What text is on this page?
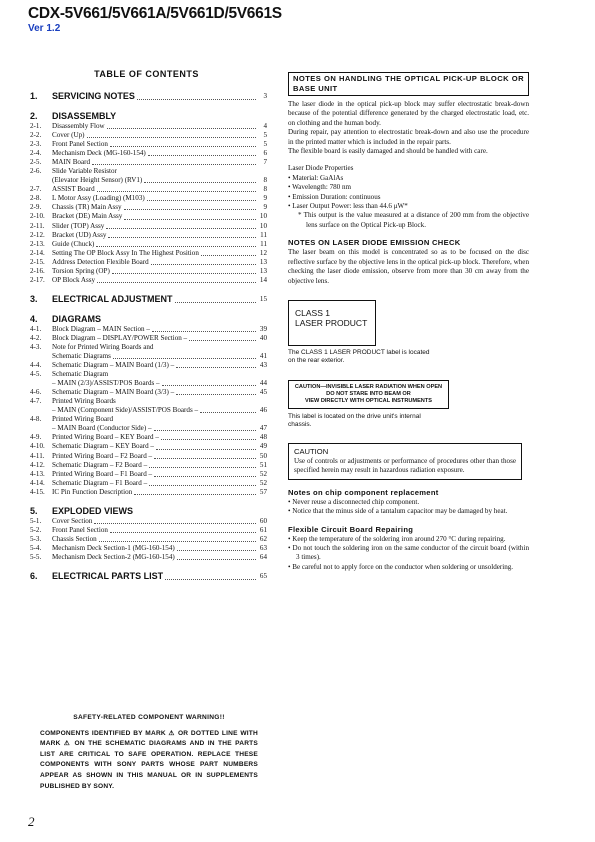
CDX-5V661/5V661A/5V661D/5V661S
Ver 1.2
TABLE OF CONTENTS
1.	SERVICING NOTES	3
2.	DISASSEMBLY
2-1.	Disassembly Flow	4
2-2.	Cover (Up)	5
2-3.	Front Panel Section	5
2-4.	Mechanism Deck (MG-160-154)	6
2-5.	MAIN Board	7
2-6.	Slide Variable Resistor
(Elevator Height Sensor) (RV1)	8
2-7.	ASSIST Board	8
2-8.	L Motor Assy (Loading) (M103)	9
2-9.	Chassis (TR) Main Assy	9
2-10.	Bracket (DE) Main Assy	10
2-11.	Slider (TOP) Assy	10
2-12.	Bracket (UD) Assy	11
2-13.	Guide (Chuck)	11
2-14.	Setting The OP Block Assy In The Highest Position	12
2-15.	Address Detection Flexible Board	13
2-16.	Torsion Spring (OP)	13
2-17.	OP Block Assy	14
3.	ELECTRICAL ADJUSTMENT	15
4.	DIAGRAMS
4-1.	Block Diagram – MAIN Section –	39
4-2.	Block Diagram – DISPLAY/POWER Section –	40
4-3.	Note for Printed Wiring Boards and
Schematic Diagrams	41
4-4.	Schematic Diagram – MAIN Board (1/3) –	43
4-5.	Schematic Diagram
– MAIN (2/3)/ASSIST/POS Boards –	44
4-6.	Schematic Diagram – MAIN Board (3/3) –	45
4-7.	Printed Wiring Boards
– MAIN (Component Side)/ASSIST/POS Boards –	46
4-8.	Printed Wiring Board
– MAIN Board (Conductor Side) –	47
4-9.	Printed Wiring Board – KEY Board –	48
4-10.	Schematic Diagram – KEY Board –	49
4-11.	Printed Wiring Board – F2 Board –	50
4-12.	Schematic Diagram – F2 Board –	51
4-13.	Printed Wiring Board – F1 Board –	52
4-14.	Schematic Diagram – F1 Board –	52
4-15.	IC Pin Function Description	57
5.	EXPLODED VIEWS
5-1.	Cover Section	60
5-2.	Front Panel Section	61
5-3.	Chassis Section	62
5-4.	Mechanism Deck Section-1 (MG-160-154)	63
5-5.	Mechanism Deck Section-2 (MG-160-154)	64
6.	ELECTRICAL PARTS LIST	65
SAFETY-RELATED COMPONENT WARNING!!
COMPONENTS IDENTIFIED BY MARK ⚠ OR DOTTED LINE WITH MARK ⚠ ON THE SCHEMATIC DIAGRAMS AND IN THE PARTS LIST ARE CRITICAL TO SAFE OPERATION. REPLACE THESE COMPONENTS WITH SONY PARTS WHOSE PART NUMBERS APPEAR AS SHOWN IN THIS MANUAL OR IN SUPPLEMENTS PUBLISHED BY SONY.
2
NOTES ON HANDLING THE OPTICAL PICK-UP BLOCK OR BASE UNIT
The laser diode in the optical pick-up block may suffer electrostatic break-down because of the potential difference generated by the charged electrostatic load, etc. on clothing and the human body.
During repair, pay attention to electrostatic break-down and also use the procedure in the printed matter which is included in the repair parts.
The flexible board is easily damaged and should be handled with care.
Laser Diode Properties
• Material: GaAlAs
• Wavelength: 780 nm
• Emission Duration: continuous
• Laser Output Power: less than 44.6 μW*
* This output is the value measured at a distance of 200 mm from the objective lens surface on the Optical Pick-up Block.
NOTES ON LASER DIODE EMISSION CHECK
The laser beam on this model is concentrated so as to be focused on the disc reflective surface by the objective lens in the optical pick-up block. Therefore, when checking the laser diode emission, observe from more than 30 cm away from the objective lens.
CLASS 1
LASER PRODUCT
The CLASS 1 LASER PRODUCT label is located on the rear exterior.
CAUTION—INVISIBLE LASER RADIATION WHEN OPEN
DO NOT STARE INTO BEAM OR
VIEW DIRECTLY WITH OPTICAL INSTRUMENTS
This label is located on the drive unit's internal chassis.
CAUTION
Use of controls or adjustments or performance of procedures other than those specified herein may result in hazardous radiation exposure.
Notes on chip component replacement
• Never reuse a disconnected chip component.
• Notice that the minus side of a tantalum capacitor may be damaged by heat.
Flexible Circuit Board Repairing
• Keep the temperature of the soldering iron around 270 °C during repairing.
• Do not touch the soldering iron on the same conductor of the circuit board (within 3 times).
• Be careful not to apply force on the conductor when soldering or unsoldering.
